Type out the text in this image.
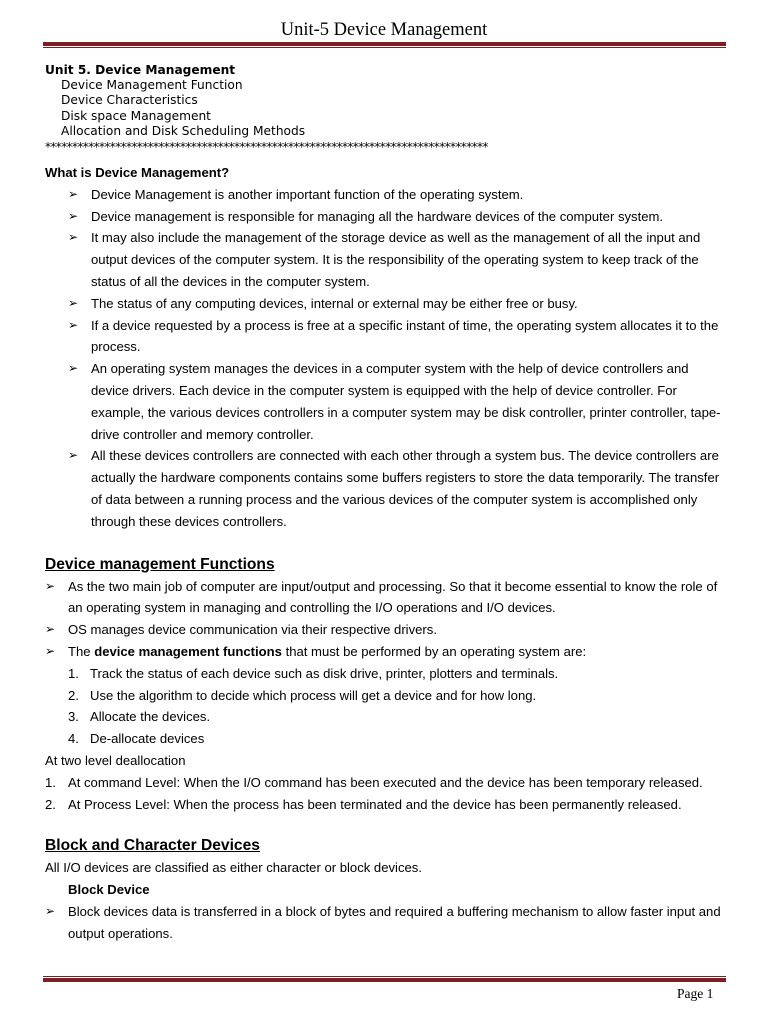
Unit-5 Device Management
Unit 5. Device Management
Device Management Function
Device Characteristics
Disk space Management
Allocation and Disk Scheduling Methods
**********************************************************************************
What is Device Management?
➢ Device Management is another important function of the operating system.
➢ Device management is responsible for managing all the hardware devices of the computer system.
➢ It may also include the management of the storage device as well as the management of all the input and output devices of the computer system. It is the responsibility of the operating system to keep track of the status of all the devices in the computer system.
➢ The status of any computing devices, internal or external may be either free or busy.
➢ If a device requested by a process is free at a specific instant of time, the operating system allocates it to the process.
➢ An operating system manages the devices in a computer system with the help of device controllers and device drivers. Each device in the computer system is equipped with the help of device controller. For example, the various devices controllers in a computer system may be disk controller, printer controller, tape-drive controller and memory controller.
➢ All these devices controllers are connected with each other through a system bus. The device controllers are actually the hardware components contains some buffers registers to store the data temporarily. The transfer of data between a running process and the various devices of the computer system is accomplished only through these devices controllers.
Device management Functions
➢ As the two main job of computer are input/output and processing. So that it become essential to know the role of an operating system in managing and controlling the I/O operations and I/O devices.
➢ OS manages device communication via their respective drivers.
➢ The device management functions that must be performed by an operating system are:
1. Track the status of each device such as disk drive, printer, plotters and terminals.
2. Use the algorithm to decide which process will get a device and for how long.
3. Allocate the devices.
4. De-allocate devices
At two level deallocation
1. At command Level: When the I/O command has been executed and the device has been temporary released.
2. At Process Level: When the process has been terminated and the device has been permanently released.
Block and Character Devices
All I/O devices are classified as either character or block devices.
Block Device
➢ Block devices data is transferred in a block of bytes and required a buffering mechanism to allow faster input and output operations.
Page 1
